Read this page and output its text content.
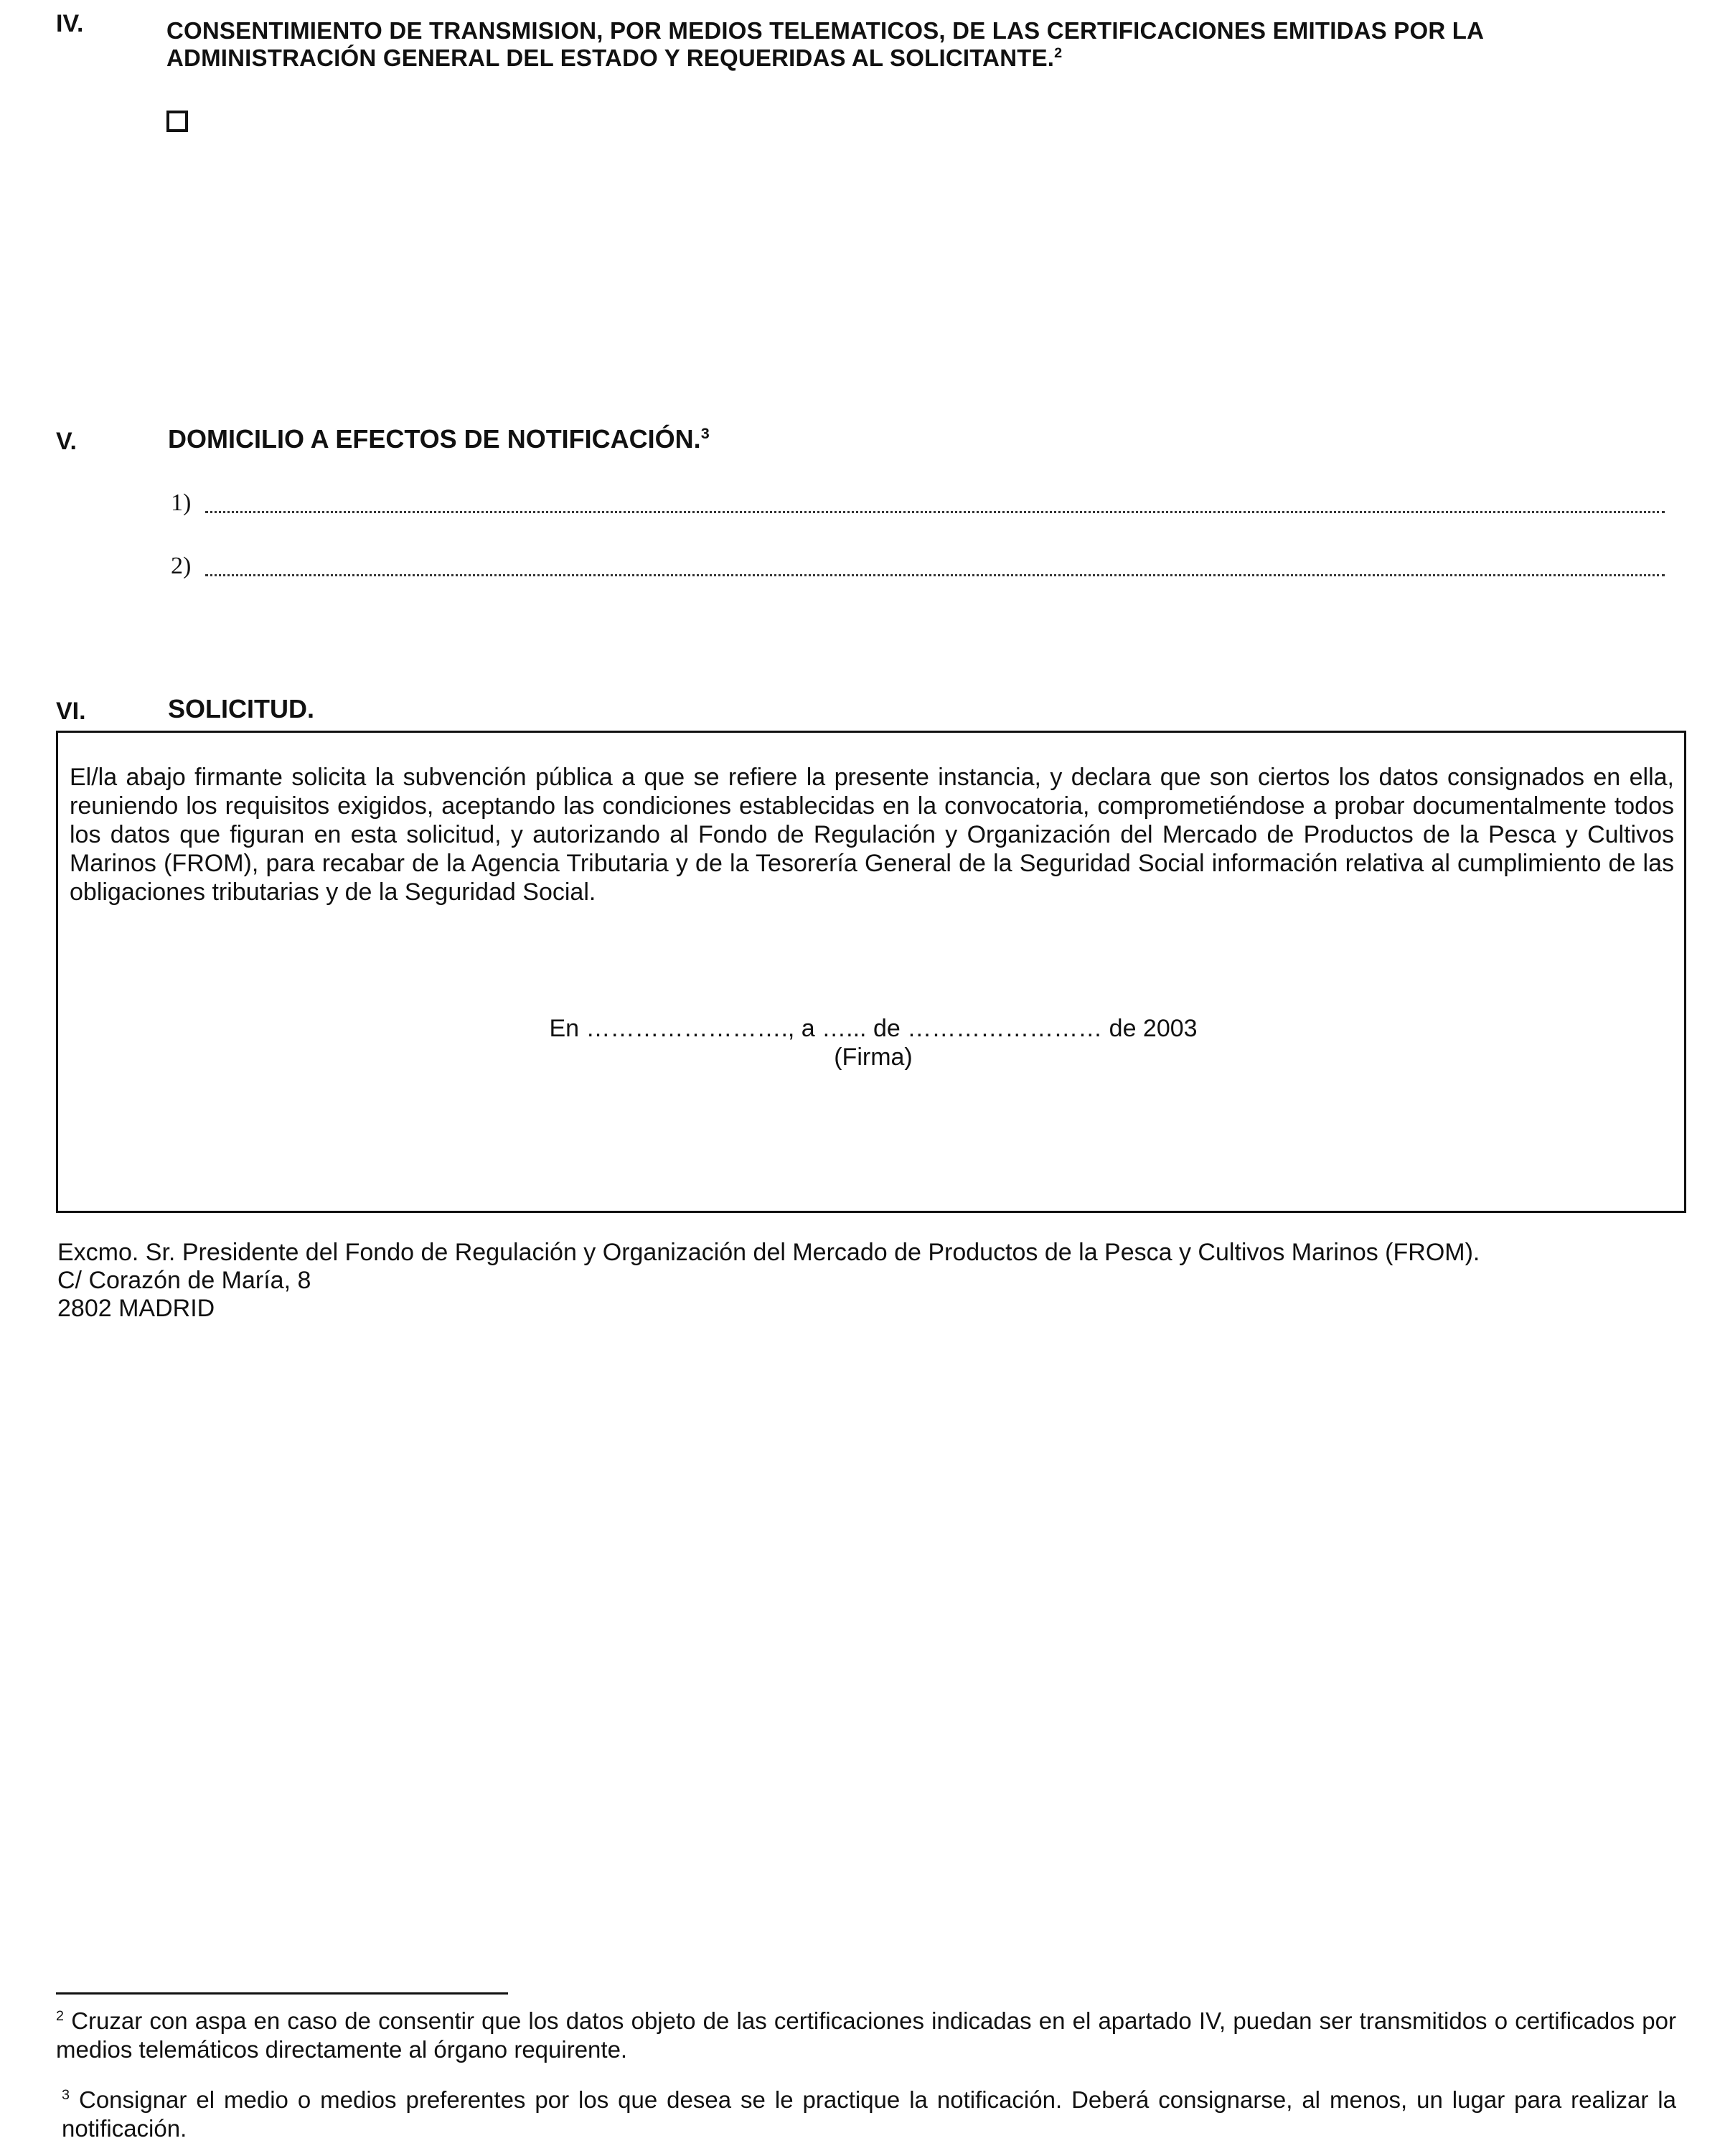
IV.	CONSENTIMIENTO DE TRANSMISION, POR MEDIOS TELEMATICOS, DE LAS CERTIFICACIONES EMITIDAS POR LA ADMINISTRACIÓN GENERAL DEL ESTADO Y REQUERIDAS AL SOLICITANTE.$^2$
V.	DOMICILIO A EFECTOS DE NOTIFICACIÓN.$^3$
1)
2)
VI.	SOLICITUD.
El/la abajo firmante solicita la subvención pública a que se refiere la presente instancia, y declara que son ciertos los datos consignados en ella, reuniendo los requisitos exigidos, aceptando las condiciones establecidas en la convocatoria, comprometiéndose a probar documentalmente todos los datos que figuran en esta solicitud, y autorizando al Fondo de Regulación y Organización del Mercado de Productos de la Pesca y Cultivos Marinos (FROM), para recabar de la Agencia Tributaria y de la Tesorería General de la Seguridad Social información relativa al cumplimiento de las obligaciones tributarias y de la Seguridad Social.
En ……………………., a …... de …………………… de 2003
(Firma)
Excmo. Sr. Presidente del Fondo de Regulación y Organización del Mercado de Productos de la Pesca y Cultivos Marinos (FROM).
C/ Corazón de María, 8
2802 MADRID
$^2$ Cruzar con aspa en caso de consentir que los datos objeto de las certificaciones indicadas en el apartado IV, puedan ser transmitidos o certificados por medios telemáticos directamente al órgano requirente.
$^3$ Consignar el medio o medios preferentes por los que desea se le practique la notificación. Deberá consignarse, al menos, un lugar para realizar la notificación.
